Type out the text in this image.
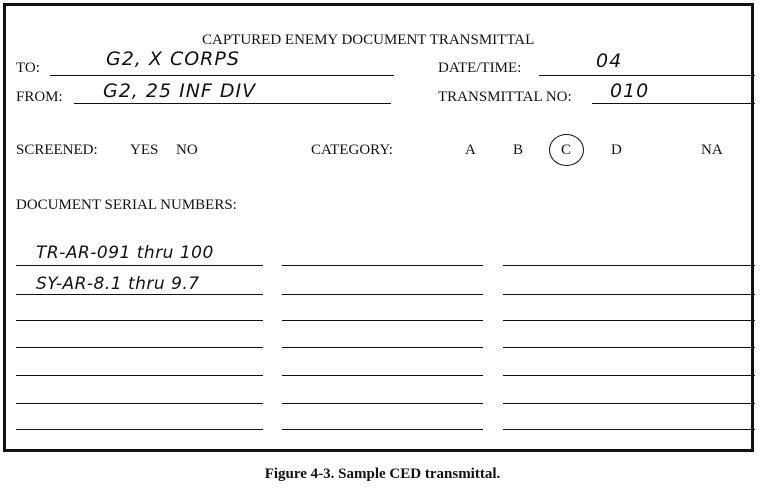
CAPTURED ENEMY DOCUMENT TRANSMITTAL
TO:	G2, X CORPS	DATE/TIME:	04
FROM: G2, 25 INF DIV	TRANSMITTAL NO: 010
SCREENED: YES NO	CATEGORY:	A B	C	D	NA
DOCUMENT SERIAL NUMBERS:
TR-AR-091 thru 100
SY-AR-8.1 thru 9.7
Figure 4-3. Sample CED transmittal.
